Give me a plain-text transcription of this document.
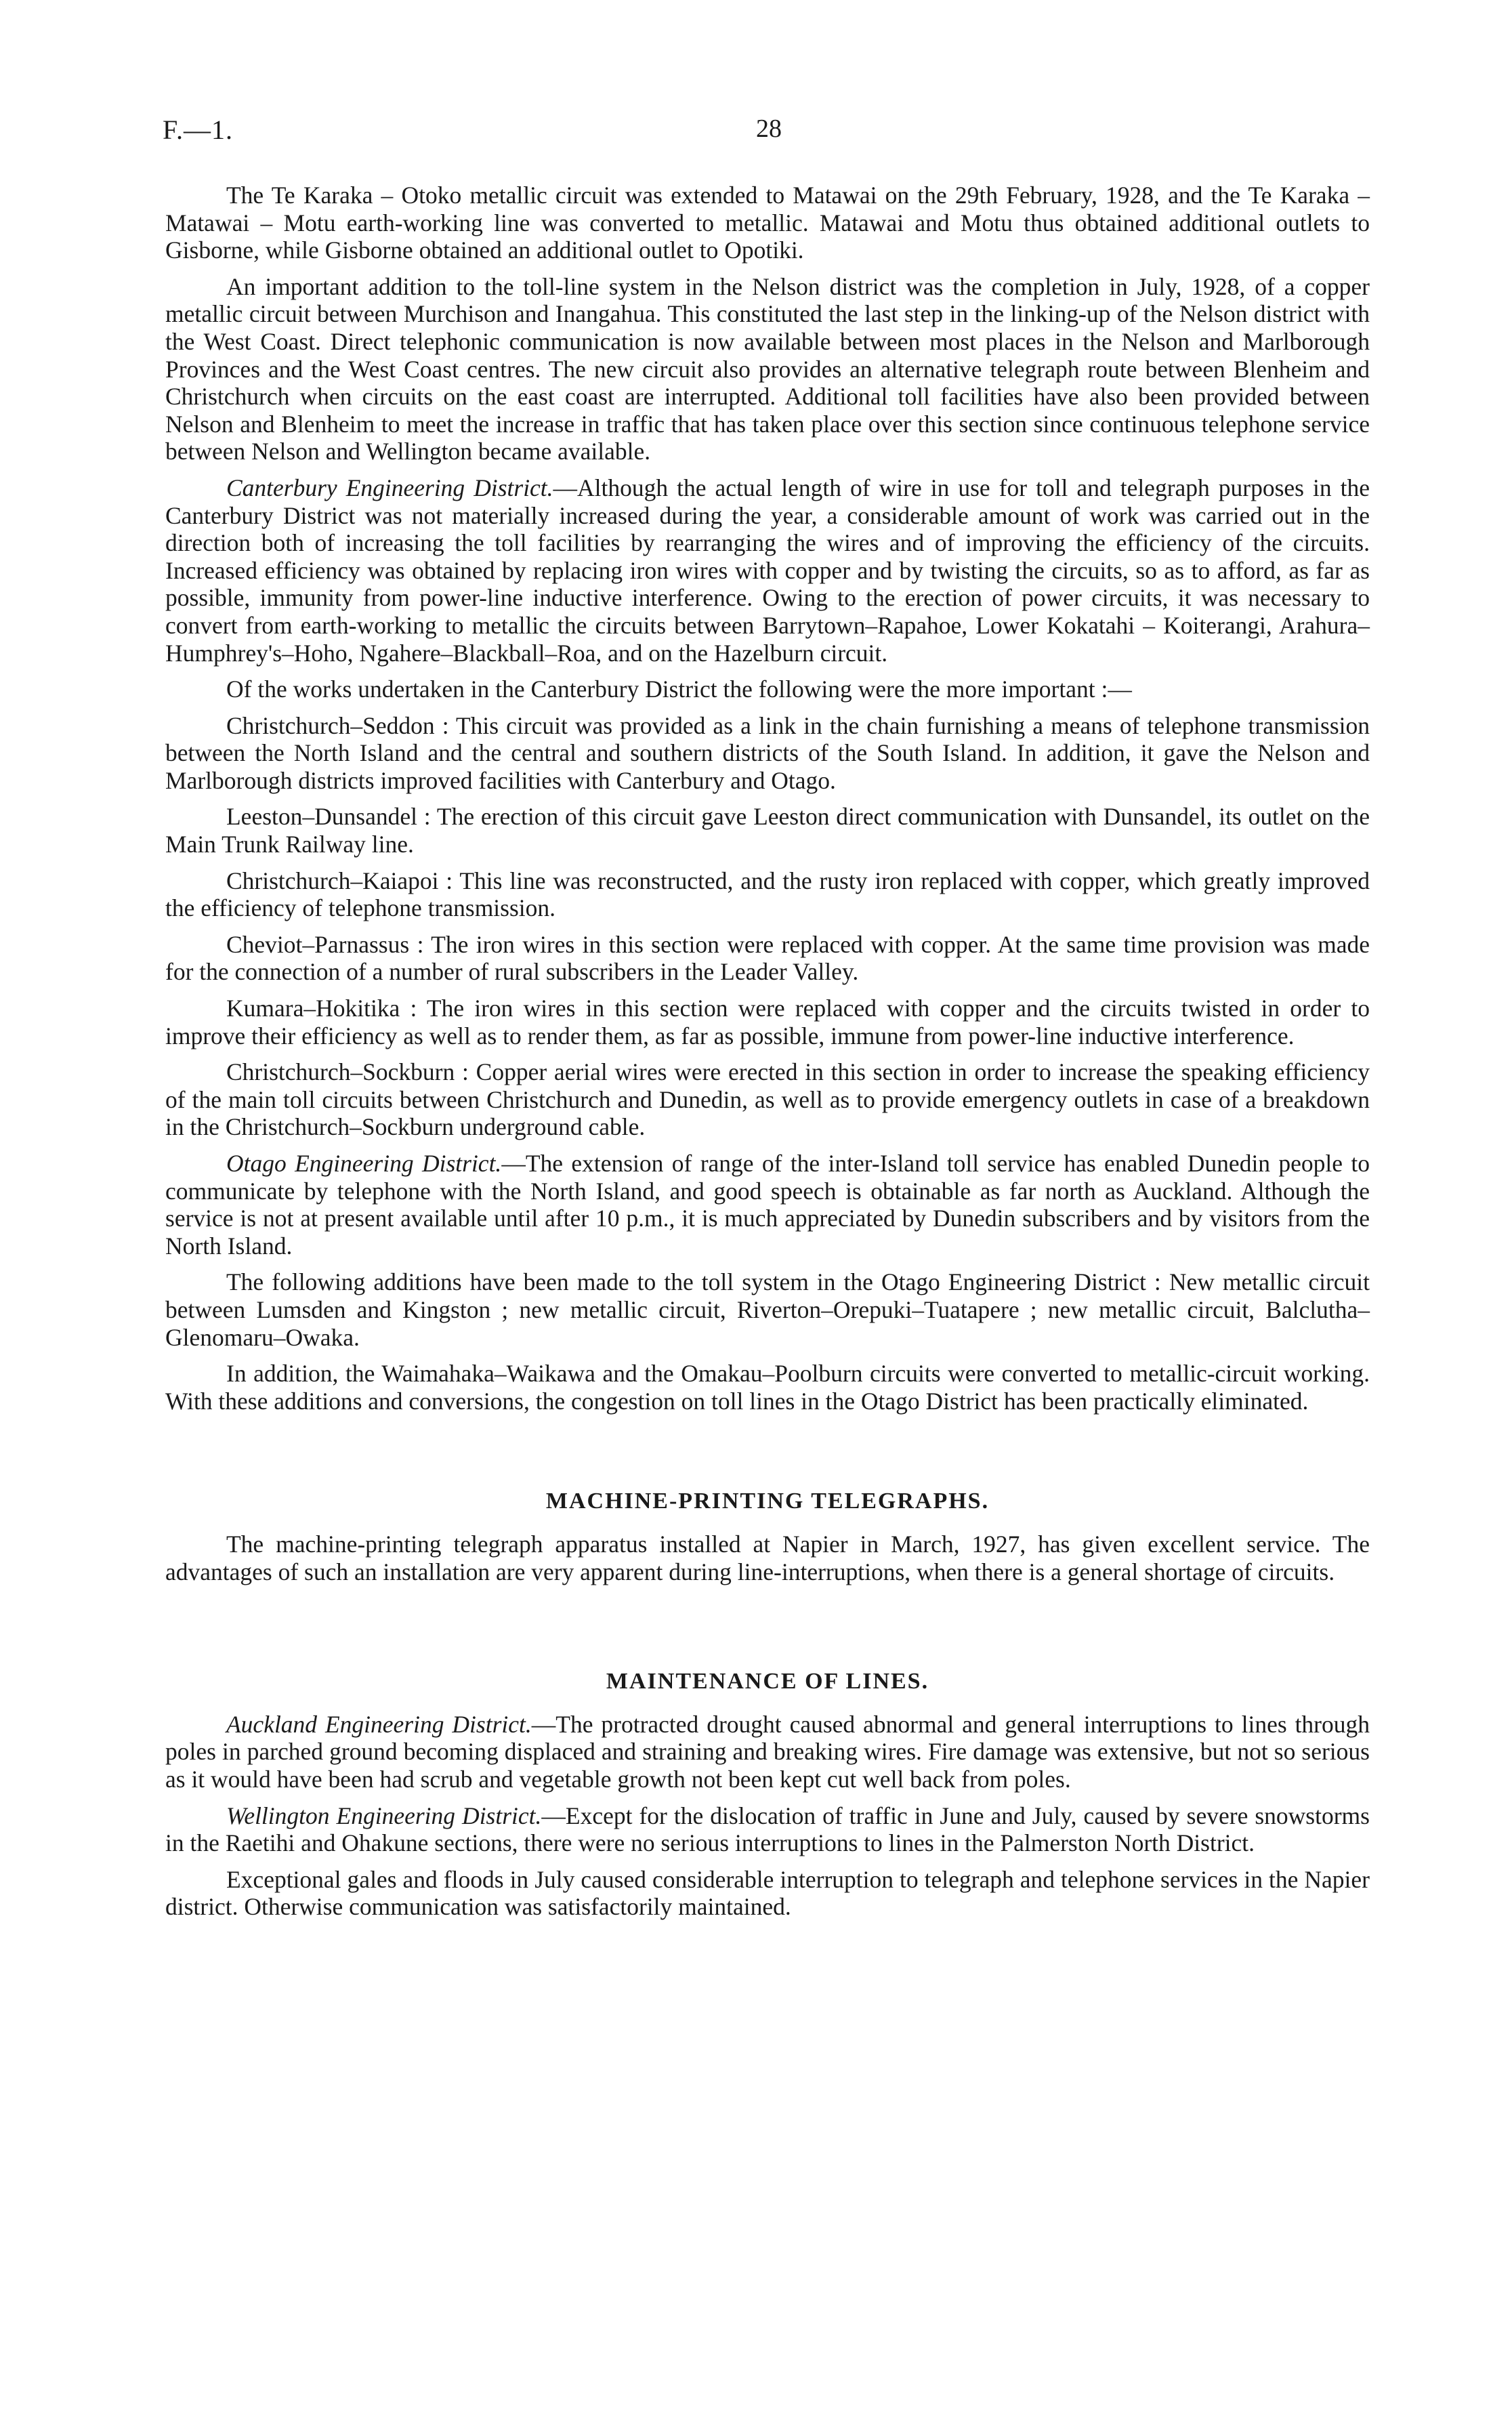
F.—1.	28

The Te Karaka – Otoko metallic circuit was extended to Matawai on the 29th February, 1928, and the Te Karaka – Matawai – Motu earth-working line was converted to metallic. Matawai and Motu thus obtained additional outlets to Gisborne, while Gisborne obtained an additional outlet to Opotiki.

An important addition to the toll-line system in the Nelson district was the completion in July, 1928, of a copper metallic circuit between Murchison and Inangahua. This constituted the last step in the linking-up of the Nelson district with the West Coast. Direct telephonic communication is now available between most places in the Nelson and Marlborough Provinces and the West Coast centres. The new circuit also provides an alternative telegraph route between Blenheim and Christchurch when circuits on the east coast are interrupted. Additional toll facilities have also been provided between Nelson and Blenheim to meet the increase in traffic that has taken place over this section since continuous telephone service between Nelson and Wellington became available.

Canterbury Engineering District.—Although the actual length of wire in use for toll and telegraph purposes in the Canterbury District was not materially increased during the year, a considerable amount of work was carried out in the direction both of increasing the toll facilities by rearranging the wires and of improving the efficiency of the circuits. Increased efficiency was obtained by replacing iron wires with copper and by twisting the circuits, so as to afford, as far as possible, immunity from power-line inductive interference. Owing to the erection of power circuits, it was necessary to convert from earth-working to metallic the circuits between Barrytown–Rapahoe, Lower Kokatahi – Koiterangi, Arahura–Humphrey's–Hoho, Ngahere–Blackball–Roa, and on the Hazelburn circuit.

Of the works undertaken in the Canterbury District the following were the more important :—

Christchurch–Seddon : This circuit was provided as a link in the chain furnishing a means of telephone transmission between the North Island and the central and southern districts of the South Island. In addition, it gave the Nelson and Marlborough districts improved facilities with Canterbury and Otago.

Leeston–Dunsandel : The erection of this circuit gave Leeston direct communication with Dunsandel, its outlet on the Main Trunk Railway line.

Christchurch–Kaiapoi : This line was reconstructed, and the rusty iron replaced with copper, which greatly improved the efficiency of telephone transmission.

Cheviot–Parnassus : The iron wires in this section were replaced with copper. At the same time provision was made for the connection of a number of rural subscribers in the Leader Valley.

Kumara–Hokitika : The iron wires in this section were replaced with copper and the circuits twisted in order to improve their efficiency as well as to render them, as far as possible, immune from power-line inductive interference.

Christchurch–Sockburn : Copper aerial wires were erected in this section in order to increase the speaking efficiency of the main toll circuits between Christchurch and Dunedin, as well as to provide emergency outlets in case of a breakdown in the Christchurch–Sockburn underground cable.

Otago Engineering District.—The extension of range of the inter-Island toll service has enabled Dunedin people to communicate by telephone with the North Island, and good speech is obtainable as far north as Auckland. Although the service is not at present available until after 10 p.m., it is much appreciated by Dunedin subscribers and by visitors from the North Island.

The following additions have been made to the toll system in the Otago Engineering District : New metallic circuit between Lumsden and Kingston ; new metallic circuit, Riverton–Orepuki–Tuatapere ; new metallic circuit, Balclutha–Glenomaru–Owaka.

In addition, the Waimahaka–Waikawa and the Omakau–Poolburn circuits were converted to metallic-circuit working. With these additions and conversions, the congestion on toll lines in the Otago District has been practically eliminated.

MACHINE-PRINTING TELEGRAPHS.

The machine-printing telegraph apparatus installed at Napier in March, 1927, has given excellent service. The advantages of such an installation are very apparent during line-interruptions, when there is a general shortage of circuits.

MAINTENANCE OF LINES.

Auckland Engineering District.—The protracted drought caused abnormal and general interruptions to lines through poles in parched ground becoming displaced and straining and breaking wires. Fire damage was extensive, but not so serious as it would have been had scrub and vegetable growth not been kept cut well back from poles.

Wellington Engineering District.—Except for the dislocation of traffic in June and July, caused by severe snowstorms in the Raetihi and Ohakune sections, there were no serious interruptions to lines in the Palmerston North District.

Exceptional gales and floods in July caused considerable interruption to telegraph and telephone services in the Napier district. Otherwise communication was satisfactorily maintained.
